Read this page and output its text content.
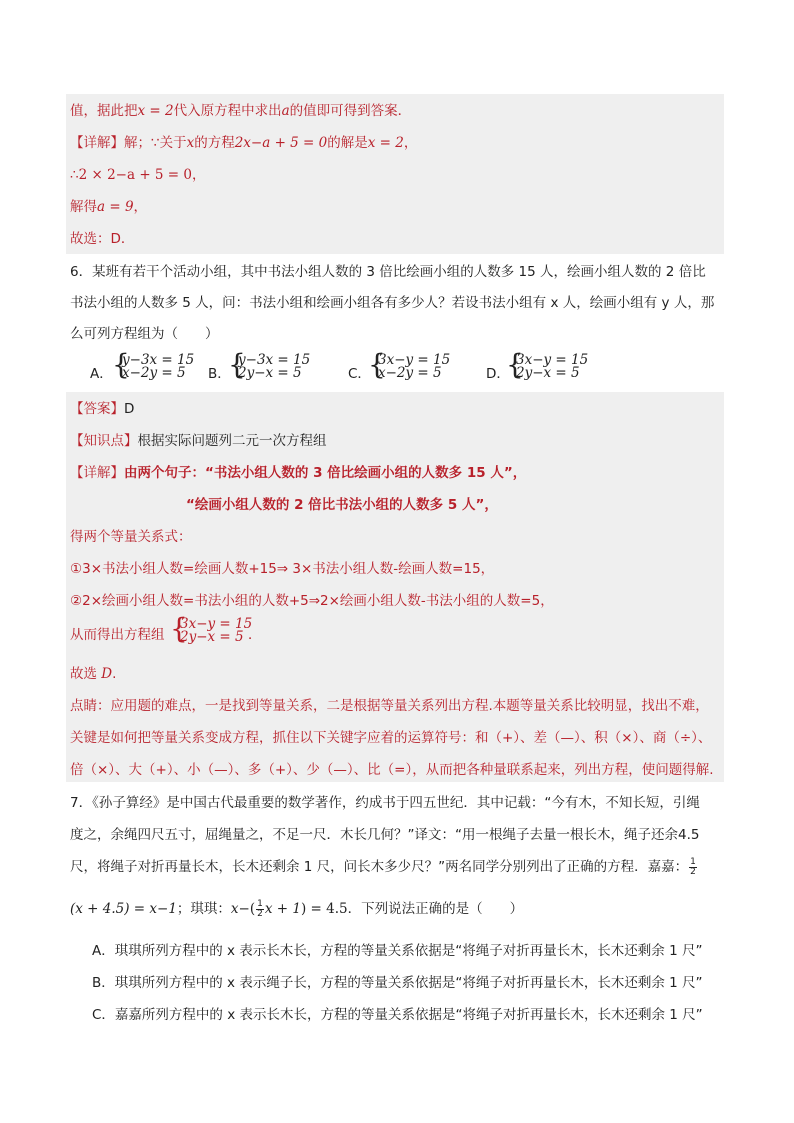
值，据此把x = 2代入原方程中求出a的值即可得到答案．
【详解】解；∵关于x的方程2x−a + 5 = 0的解是x = 2，
∴2 × 2−a + 5 = 0，
解得a = 9，
故选：D．
6．某班有若干个活动小组，其中书法小组人数的 3 倍比绘画小组的人数多 15 人，绘画小组人数的 2 倍比
书法小组的人数多 5 人，问：书法小组和绘画小组各有多少人？若设书法小组有 x 人，绘画小组有 y 人，那
么可列方程组为（　　）
A． {
y−3x = 15
x−2y = 5 B．
{
y−3x = 15
2y−x = 5	C．
{
3x−y = 15
x−2y = 5	D．
{
3x−y = 15
2y−x = 5
【答案】D
【知识点】根据实际问题列二元一次方程组
【详解】由两个句子：“书法小组人数的 3 倍比绘画小组的人数多 15 人”，
“绘画小组人数的 2 倍比书法小组的人数多 5 人”，
得两个等量关系式：
①3×书法小组人数=绘画人数+15⇒ 3×书法小组人数-绘画人数=15，
②2×绘画小组人数=书法小组的人数+5⇒2×绘画小组人数-书法小组的人数=5，
从而得出方程组 {
3x−y = 15
2y−x = 5 ．
故选 D.
点睛：应用题的难点，一是找到等量关系，二是根据等量关系列出方程.本题等量关系比较明显，找出不难，
关键是如何把等量关系变成方程，抓住以下关键字应着的运算符号：和（+）、差（—）、积（×）、商（÷）、
倍（×）、大（+）、小（—）、多（+）、少（—）、比（=），从而把各种量联系起来，列出方程，使问题得解.
7．《孙子算经》是中国古代最重要的数学著作，约成书于四五世纪．其中记载：“今有木，不知长短，引绳
度之，余绳四尺五寸，屈绳量之，不足一尺．木长几何？”译文：“用一根绳子去量一根长木，绳子还余4.5
尺，将绳子对折再量长木，长木还剩余 1 尺，问长木多少尺？”两名同学分别列出了正确的方程．嘉嘉： $\frac{1}{2}$
(x + 4.5) = x−1；琪琪：$x-( \frac{1}{2}$ x + 1) = 4.5．下列说法正确的是（　　）
A．琪琪所列方程中的 x 表示长木长，方程的等量关系依据是“将绳子对折再量长木，长木还剩余 1 尺”
B．琪琪所列方程中的 x 表示绳子长，方程的等量关系依据是“将绳子对折再量长木，长木还剩余 1 尺”
C．嘉嘉所列方程中的 x 表示长木长，方程的等量关系依据是“将绳子对折再量长木，长木还剩余 1 尺”
